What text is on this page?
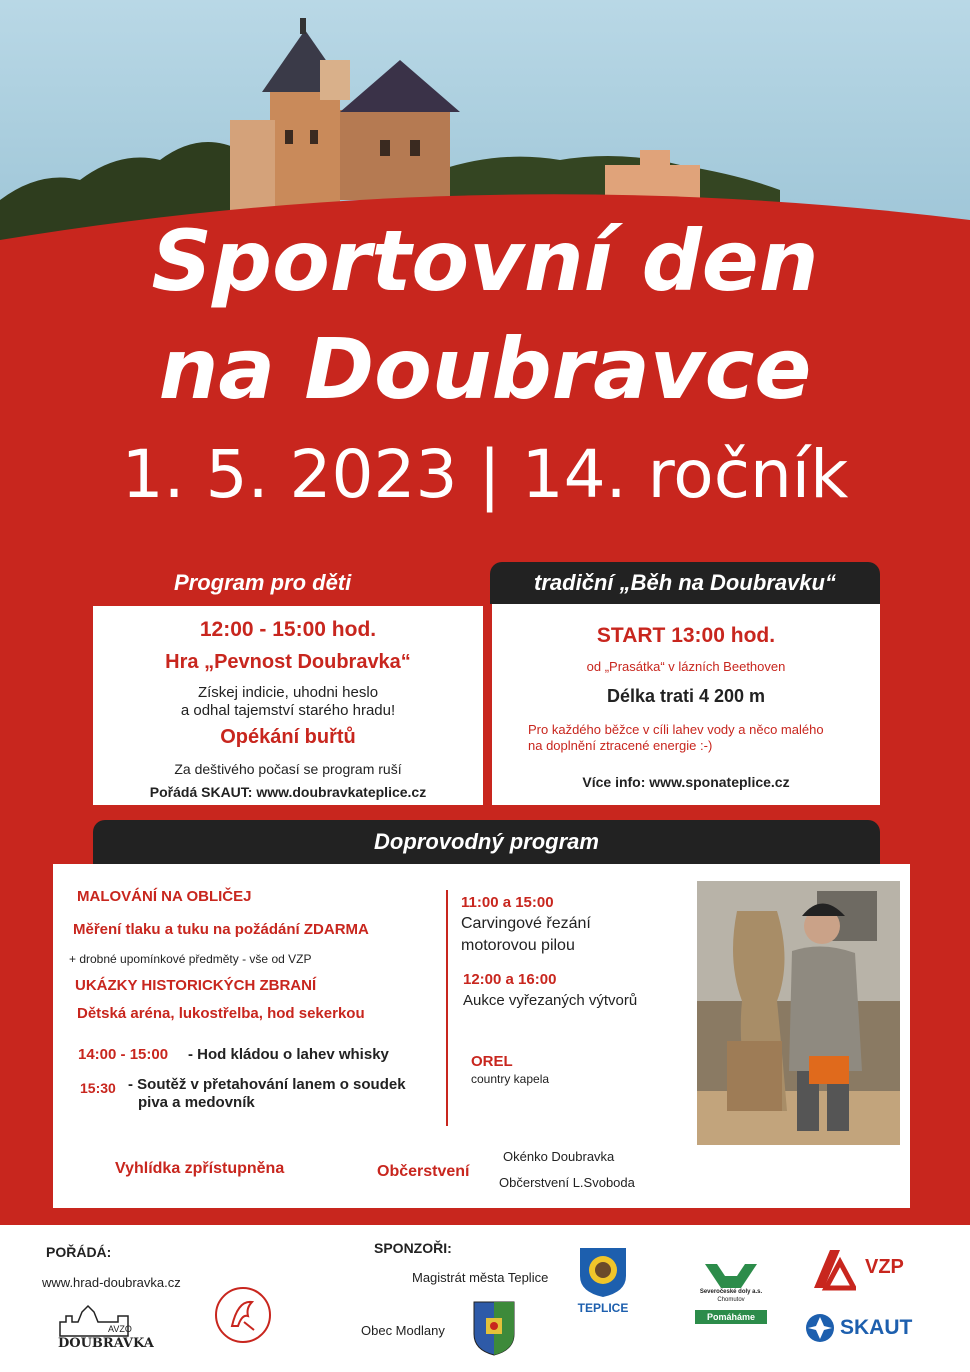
Sportovní den
na Doubravce
1. 5. 2023 | 14. ročník
Program pro děti	tradiční „Běh na Doubravku“
12:00 - 15:00 hod.
Hra „Pevnost Doubravka“
Získej indicie, uhodni heslo
a odhal tajemství starého hradu!
Opékání buřtů
Za deštivého počasí se program ruší
Pořádá SKAUT: www.doubravkateplice.cz
START 13:00 hod.
od „Prasátka“ v lázních Beethoven
Délka trati 4 200 m
Pro každého běžce v cíli lahev vody a něco malého
na doplnění ztracené energie :-)
Více info: www.sponateplice.cz
Doprovodný program
MALOVÁNÍ NA OBLIČEJ
Měření tlaku a tuku na požádání ZDARMA
+ drobné upomínkové předměty - vše od VZP
UKÁZKY HISTORICKÝCH ZBRANÍ
Dětská aréna, lukostřelba, hod sekerkou
14:00 - 15:00 - Hod kládou o lahev whisky
15:30 - Soutěž v přetahování lanem o soudek
piva a medovník
11:00 a 15:00
Carvingové řezání
motorovou pilou
12:00 a 16:00
Aukce vyřezaných výtvorů
OREL
country kapela
Vyhlídka zpřístupněna	Občerstvení
Okénko Doubravka
Občerstvení L.Svoboda
POŘÁDÁ:
www.hrad-doubravka.cz
AVZO
DOUBRAVKA
SPONZOŘI:
Magistrát města Teplice
Obec Modlany
TEPLICE
Severočeské doly a.s.
Chomutov
Pomáháme
VZP
SKAUT
